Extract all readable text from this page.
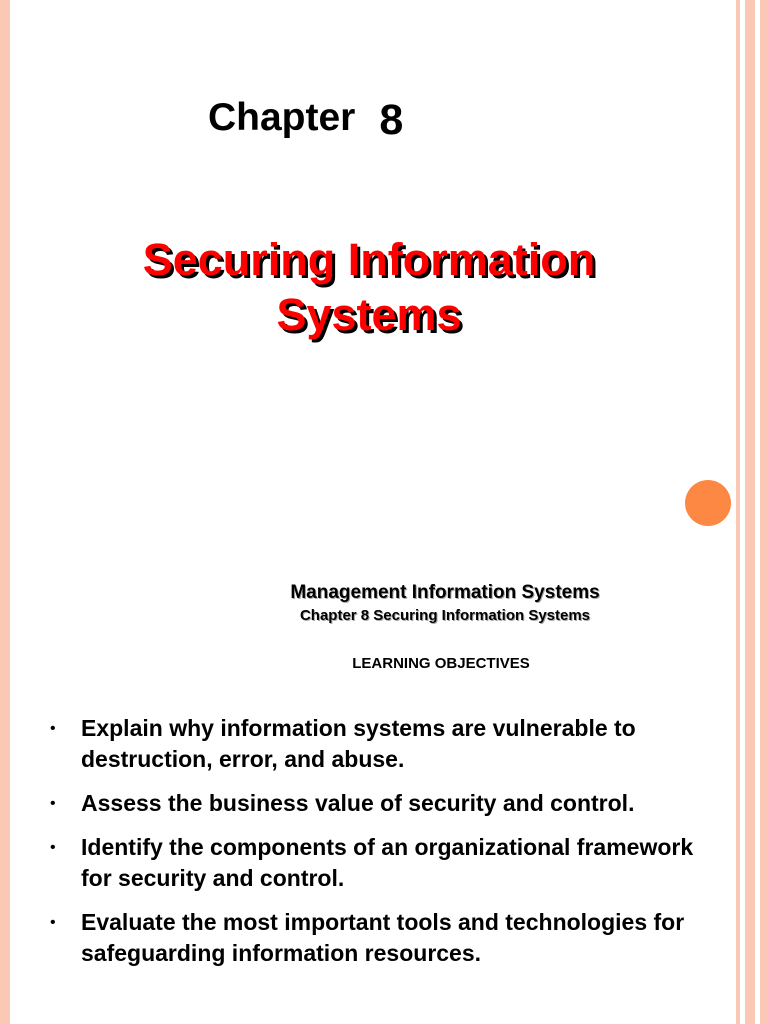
Chapter 8
Securing Information Systems
Management Information Systems
Chapter 8 Securing Information Systems
LEARNING OBJECTIVES
•	Explain why information systems are vulnerable to destruction, error, and abuse.
•	Assess the business value of security and control.
•	Identify the components of an organizational framework for security and control.
•	Evaluate the most important tools and technologies for safeguarding information resources.
